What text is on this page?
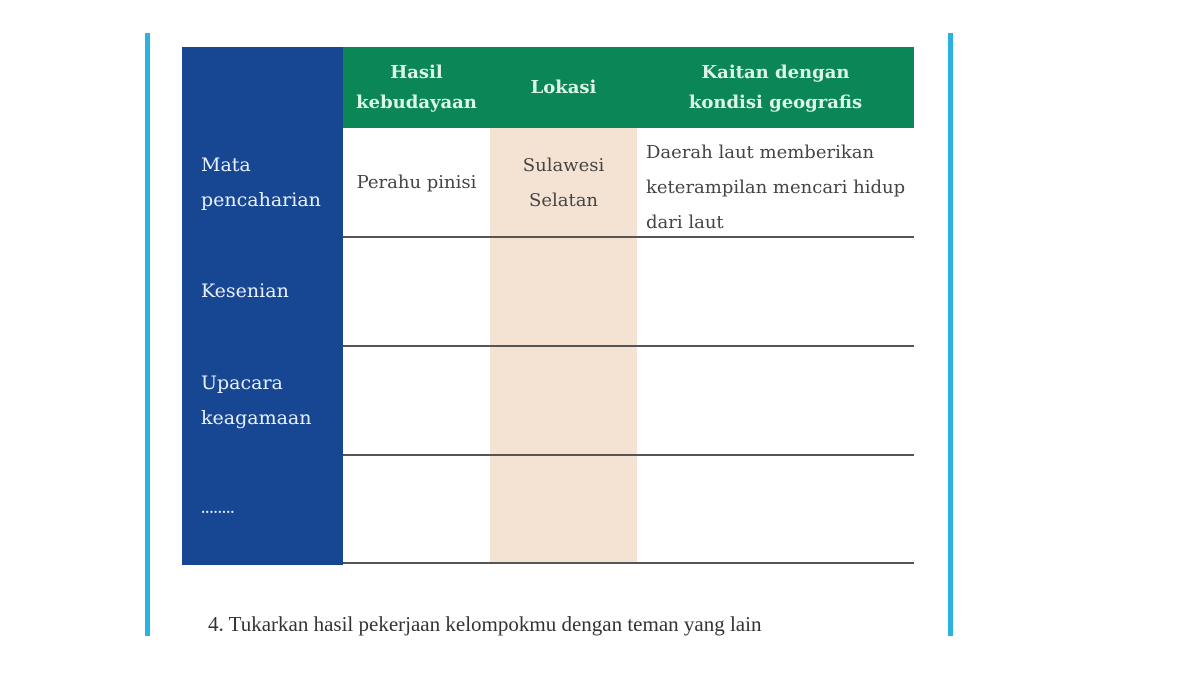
Hasil kebudayaan
Lokasi
Kaitan dengan kondisi geografis
Mata pencaharian
Kesenian
Upacara keagamaan
........
Perahu pinisi
Sulawesi Selatan
Daerah laut memberikan keterampilan mencari hidup dari laut
4. Tukarkan hasil pekerjaan kelompokmu dengan teman yang lain
